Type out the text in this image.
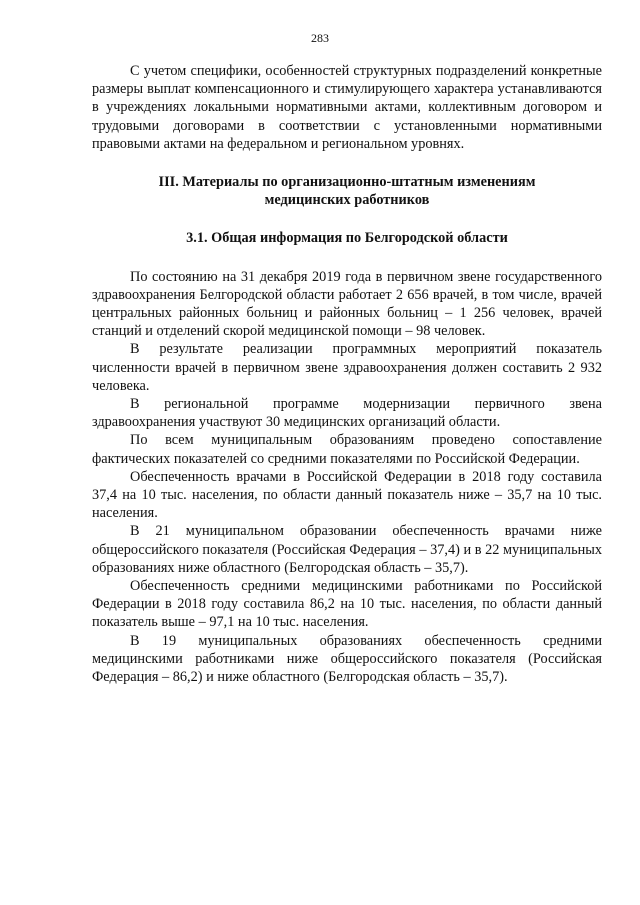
283

С учетом специфики, особенностей структурных подразделений конкретные размеры выплат компенсационного и стимулирующего характера устанавливаются в учреждениях локальными нормативными актами, коллективным договором и трудовыми договорами в соответствии с установленными нормативными правовыми актами на федеральном и региональном уровнях.

III. Материалы по организационно-штатным изменениям
медицинских работников
3.1. Общая информация по Белгородской области

По состоянию на 31 декабря 2019 года в первичном звене государственного здравоохранения Белгородской области работает 2 656 врачей, в том числе, врачей центральных районных больниц и районных больниц – 1 256 человек, врачей станций и отделений скорой медицинской помощи – 98 человек.

В результате реализации программных мероприятий показатель численности врачей в первичном звене здравоохранения должен составить 2 932 человека.

В региональной программе модернизации первичного звена здравоохранения участвуют 30 медицинских организаций области.

По всем муниципальным образованиям проведено сопоставление фактических показателей со средними показателями по Российской Федерации.

Обеспеченность врачами в Российской Федерации в 2018 году составила 37,4 на 10 тыс. населения, по области данный показатель ниже – 35,7 на 10 тыс. населения.

В 21 муниципальном образовании обеспеченность врачами ниже общероссийского показателя (Российская Федерация – 37,4) и в 22 муниципальных образованиях ниже областного (Белгородская область – 35,7).

Обеспеченность средними медицинскими работниками по Российской Федерации в 2018 году составила 86,2 на 10 тыс. населения, по области данный показатель выше – 97,1 на 10 тыс. населения.

В 19 муниципальных образованиях обеспеченность средними медицинскими работниками ниже общероссийского показателя (Российская Федерация – 86,2) и ниже областного (Белгородская область – 35,7).
